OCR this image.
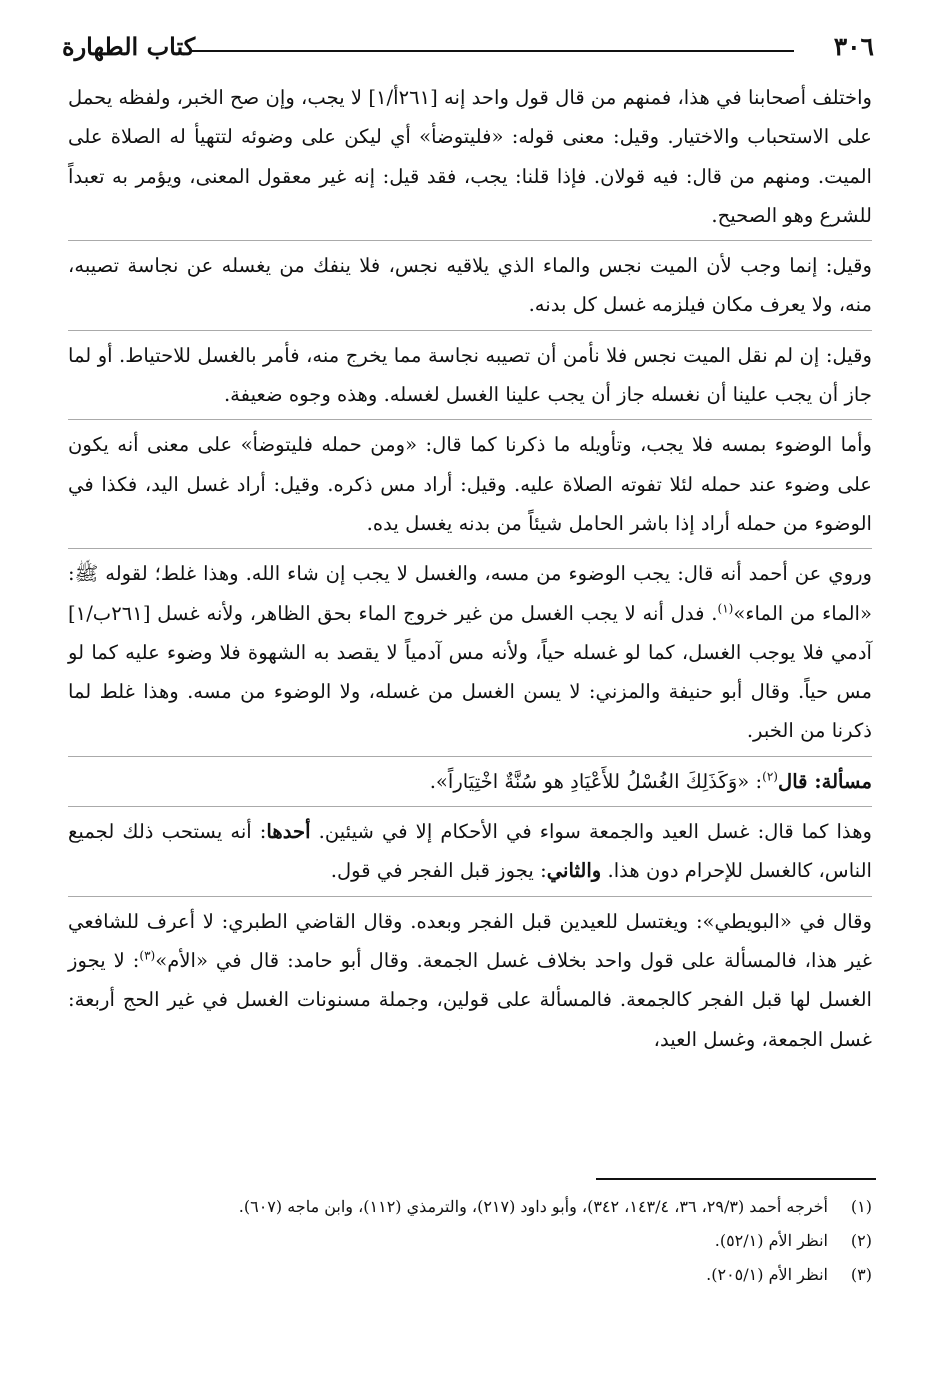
٣٠٦
كتاب الطهارة

واختلف أصحابنا في هذا، فمنهم من قال قول واحد إنه [٢٦١أ/١] لا يجب، وإن صح الخبر، ولفظه يحمل على الاستحباب والاختيار. وقيل: معنى قوله: «فليتوضأ» أي ليكن على وضوئه لتتهيأ له الصلاة على الميت. ومنهم من قال: فيه قولان. فإذا قلنا: يجب، فقد قيل: إنه غير معقول المعنى، ويؤمر به تعبداً للشرع وهو الصحيح.

وقيل: إنما وجب لأن الميت نجس والماء الذي يلاقيه نجس، فلا ينفك من يغسله عن نجاسة تصيبه، منه، ولا يعرف مكان فيلزمه غسل كل بدنه.

وقيل: إن لم نقل الميت نجس فلا نأمن أن تصيبه نجاسة مما يخرج منه، فأمر بالغسل للاحتياط. أو لما جاز أن يجب علينا أن نغسله جاز أن يجب علينا الغسل لغسله. وهذه وجوه ضعيفة.

وأما الوضوء بمسه فلا يجب، وتأويله ما ذكرنا كما قال: «ومن حمله فليتوضأ» على معنى أنه يكون على وضوء عند حمله لئلا تفوته الصلاة عليه. وقيل: أراد مس ذكره. وقيل: أراد غسل اليد، فكذا في الوضوء من حمله أراد إذا باشر الحامل شيئاً من بدنه يغسل يده.

وروي عن أحمد أنه قال: يجب الوضوء من مسه، والغسل لا يجب إن شاء الله. وهذا غلط؛ لقوله ﷺ: «الماء من الماء»$^{(١)}$. فدل أنه لا يجب الغسل من غير خروج الماء بحق الظاهر، ولأنه غسل [٢٦١ب/١] آدمي فلا يوجب الغسل، كما لو غسله حياً، ولأنه مس آدمياً لا يقصد به الشهوة فلا وضوء عليه كما لو مس حياً. وقال أبو حنيفة والمزني: لا يسن الغسل من غسله، ولا الوضوء من مسه. وهذا غلط لما ذكرنا من الخبر.

مسألة: قال$^{(٢)}$: «وَكَذَلِكَ الغُسْلُ للأَعْيَادِ هو سُنَّةٌ اخْتِيَاراً».

وهذا كما قال: غسل العيد والجمعة سواء في الأحكام إلا في شيئين. أحدها: أنه يستحب ذلك لجميع الناس، كالغسل للإحرام دون هذا. والثاني: يجوز قبل الفجر في قول.

وقال في «البويطي»: ويغتسل للعيدين قبل الفجر وبعده. وقال القاضي الطبري: لا أعرف للشافعي غير هذا، فالمسألة على قول واحد بخلاف غسل الجمعة. وقال أبو حامد: قال في «الأم»$^{(٣)}$: لا يجوز الغسل لها قبل الفجر كالجمعة. فالمسألة على قولين، وجملة مسنونات الغسل في غير الحج أربعة: غسل الجمعة، وغسل العيد،

(١)
أخرجه أحمد (٢٩/٣، ٣٦، ١٤٣/٤، ٣٤٢)، وأبو داود (٢١٧)، والترمذي (١١٢)، وابن ماجه (٦٠٧).

(٢)
انظر الأم (٥٢/١).

(٣)
انظر الأم (٢٠٥/١).
